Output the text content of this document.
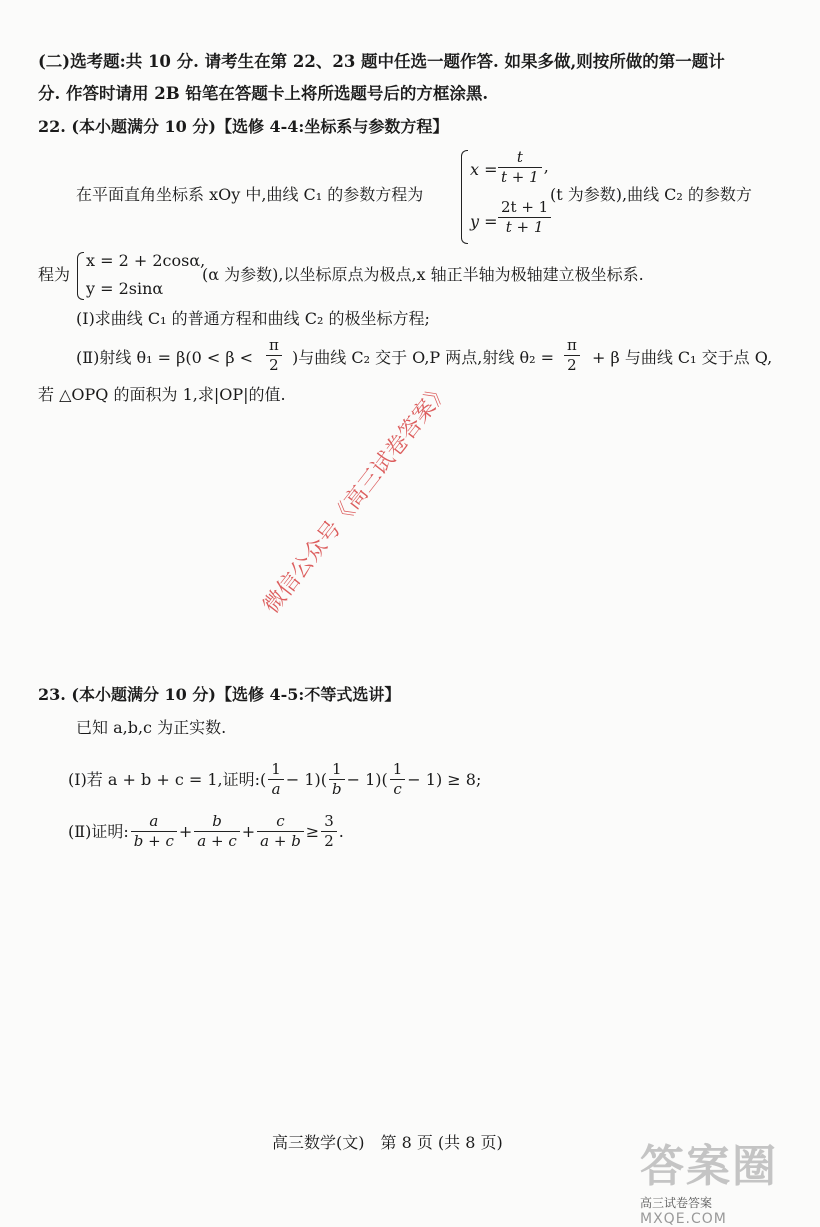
(二)选考题:共 10 分. 请考生在第 22、23 题中任选一题作答. 如果多做,则按所做的第一题计
分. 作答时请用 2B 铅笔在答题卡上将所选题号后的方框涂黑.
22. (本小题满分 10 分)【选修 4-4:坐标系与参数方程】
在平面直角坐标系 xOy 中,曲线 C₁ 的参数方程为
$x = \frac{t}{t + 1}$ ,
$y = \frac{2t + 1}{t + 1}$
(t 为参数),曲线 C₂ 的参数方
程为
x = 2 + 2cosα,
y = 2sinα
(α 为参数),以坐标原点为极点,x 轴正半轴为极轴建立极坐标系.
(Ⅰ)求曲线 C₁ 的普通方程和曲线 C₂ 的极坐标方程;
(Ⅱ)射线 $\theta_1 = \beta(0 < \beta < \frac{\pi}{2}$ )与曲线 C₂ 交于 O,P 两点,射线 $\theta_2 = \frac{\pi}{2} + \beta$ 与曲线 C₁ 交于点 Q,
若 △OPQ 的面积为 1,求|OP|的值.
微信公众号《高三试卷答案》
23. (本小题满分 10 分)【选修 4-5:不等式选讲】
已知 a,b,c 为正实数.
(Ⅰ)若 a + b + c = 1,证明:( $\frac{1}{a} - 1)( \frac{1}{b} - 1)( \frac{1}{c} - 1) \ge 8$;
(Ⅱ)证明: $\frac{a}{b + c} + \frac{b}{a + c} + \frac{c}{a + b} \ge \frac{3}{2}$ .
高三数学(文)　第 8 页 (共 8 页)	答案圈
高三试卷答案
MXQE.COM
